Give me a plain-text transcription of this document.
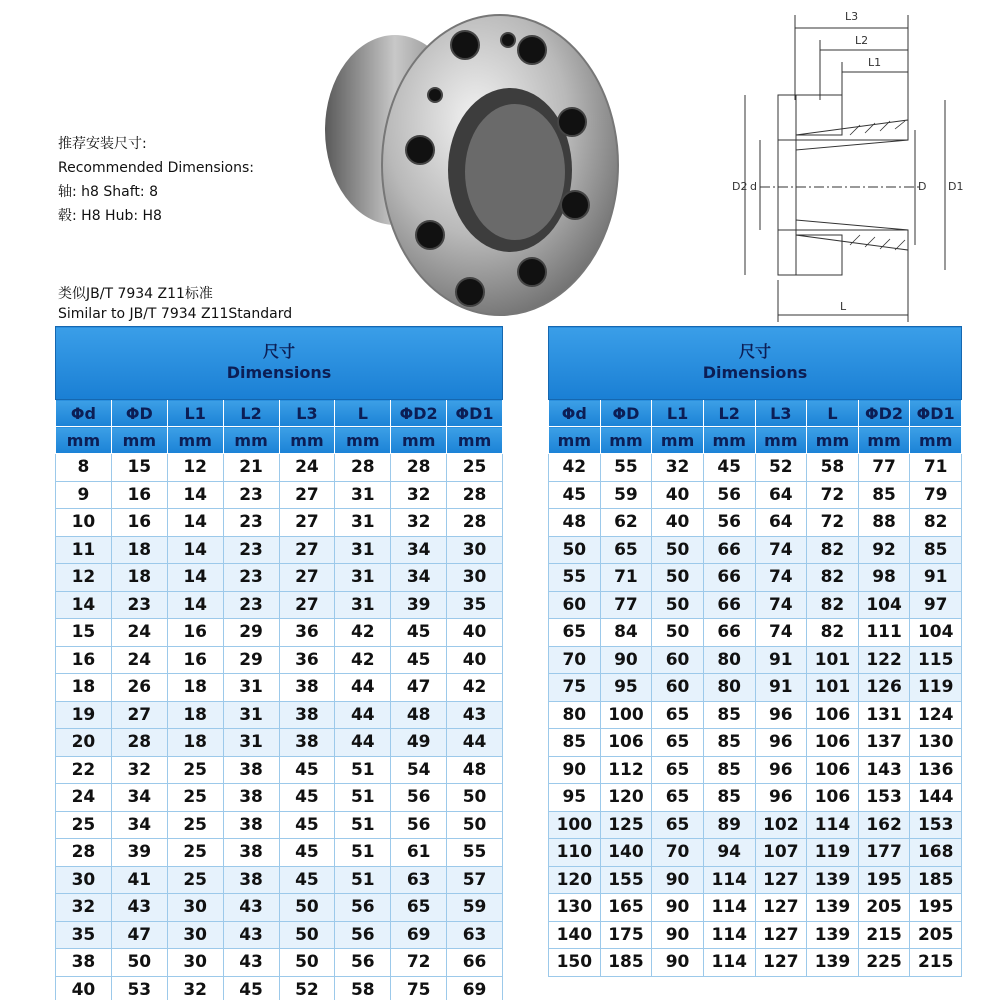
推荐安装尺寸:
Recommended Dimensions:
轴: h8 Shaft: 8
毂: H8 Hub: H8
类似JB/T 7934 Z11标准
Similar to JB/T 7934 Z11Standard
L3
L2
L1
L
D2 d	D D1
尺寸
Dimensions							

Φd	ΦD	L1	L2	L3	L	ΦD2	ΦD1
mm	mm	mm	mm	mm	mm	mm	mm
8	15	12	21	24	28	28	25
9	16	14	23	27	31	32	28
10	16	14	23	27	31	32	28
11	18	14	23	27	31	34	30
12	18	14	23	27	31	34	30
14	23	14	23	27	31	39	35
15	24	16	29	36	42	45	40
16	24	16	29	36	42	45	40
18	26	18	31	38	44	47	42
19	27	18	31	38	44	48	43
20	28	18	31	38	44	49	44
22	32	25	38	45	51	54	48
24	34	25	38	45	51	56	50
25	34	25	38	45	51	56	50
28	39	25	38	45	51	61	55
30	41	25	38	45	51	63	57
32	43	30	43	50	56	65	59
35	47	30	43	50	56	69	63
38	50	30	43	50	56	72	66
40	53	32	45	52	58	75	69
尺寸
Dimensions							

Φd	ΦD	L1	L2	L3	L	ΦD2	ΦD1
mm	mm	mm	mm	mm	mm	mm	mm
42	55	32	45	52	58	77	71
45	59	40	56	64	72	85	79
48	62	40	56	64	72	88	82
50	65	50	66	74	82	92	85
55	71	50	66	74	82	98	91
60	77	50	66	74	82	104	97
65	84	50	66	74	82	111	104
70	90	60	80	91	101	122	115
75	95	60	80	91	101	126	119
80	100	65	85	96	106	131	124
85	106	65	85	96	106	137	130
90	112	65	85	96	106	143	136
95	120	65	85	96	106	153	144
100	125	65	89	102	114	162	153
110	140	70	94	107	119	177	168
120	155	90	114	127	139	195	185
130	165	90	114	127	139	205	195
140	175	90	114	127	139	215	205
150	185	90	114	127	139	225	215
